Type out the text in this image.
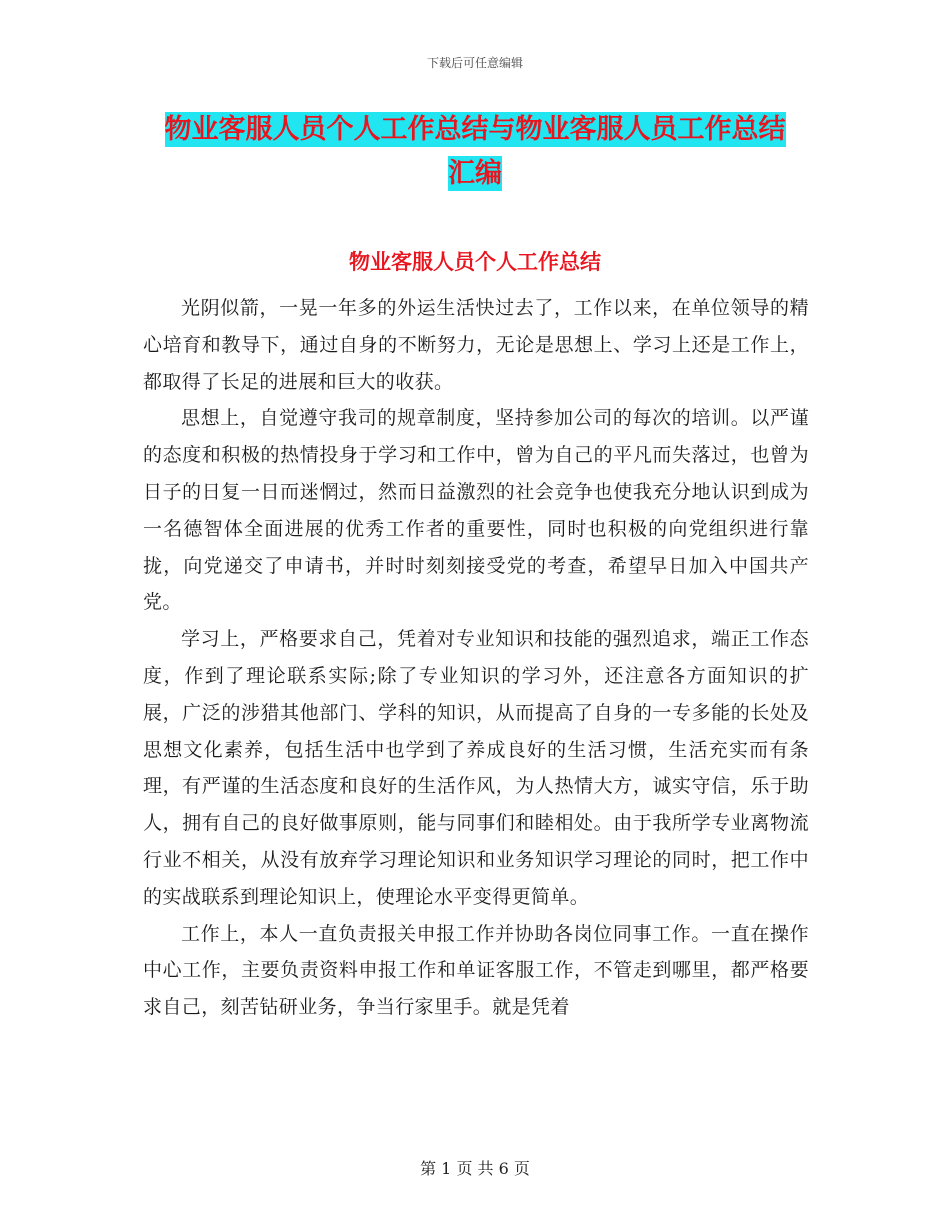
下载后可任意编辑
物业客服人员个人工作总结与物业客服人员工作总结
汇编
物业客服人员个人工作总结

光阴似箭，一晃一年多的外运生活快过去了，工作以来，在单位领导的精心培育和教导下，通过自身的不断努力，无论是思想上、学习上还是工作上，都取得了长足的进展和巨大的收获。

思想上，自觉遵守我司的规章制度，坚持参加公司的每次的培训。以严谨的态度和积极的热情投身于学习和工作中，曾为自己的平凡而失落过，也曾为日子的日复一日而迷惘过，然而日益激烈的社会竞争也使我充分地认识到成为一名德智体全面进展的优秀工作者的重要性，同时也积极的向党组织进行靠拢，向党递交了申请书，并时时刻刻接受党的考查，希望早日加入中国共产党。

学习上，严格要求自己，凭着对专业知识和技能的强烈追求，端正工作态度，作到了理论联系实际;除了专业知识的学习外，还注意各方面知识的扩展，广泛的涉猎其他部门、学科的知识，从而提高了自身的一专多能的长处及思想文化素养，包括生活中也学到了养成良好的生活习惯，生活充实而有条理，有严谨的生活态度和良好的生活作风，为人热情大方，诚实守信，乐于助人，拥有自己的良好做事原则，能与同事们和睦相处。由于我所学专业离物流行业不相关，从没有放弃学习理论知识和业务知识学习理论的同时，把工作中的实战联系到理论知识上，使理论水平变得更简单。

工作上，本人一直负责报关申报工作并协助各岗位同事工作。一直在操作中心工作，主要负责资料申报工作和单证客服工作，不管走到哪里，都严格要求自己，刻苦钻研业务，争当行家里手。就是凭着

第 1 页 共 6 页
